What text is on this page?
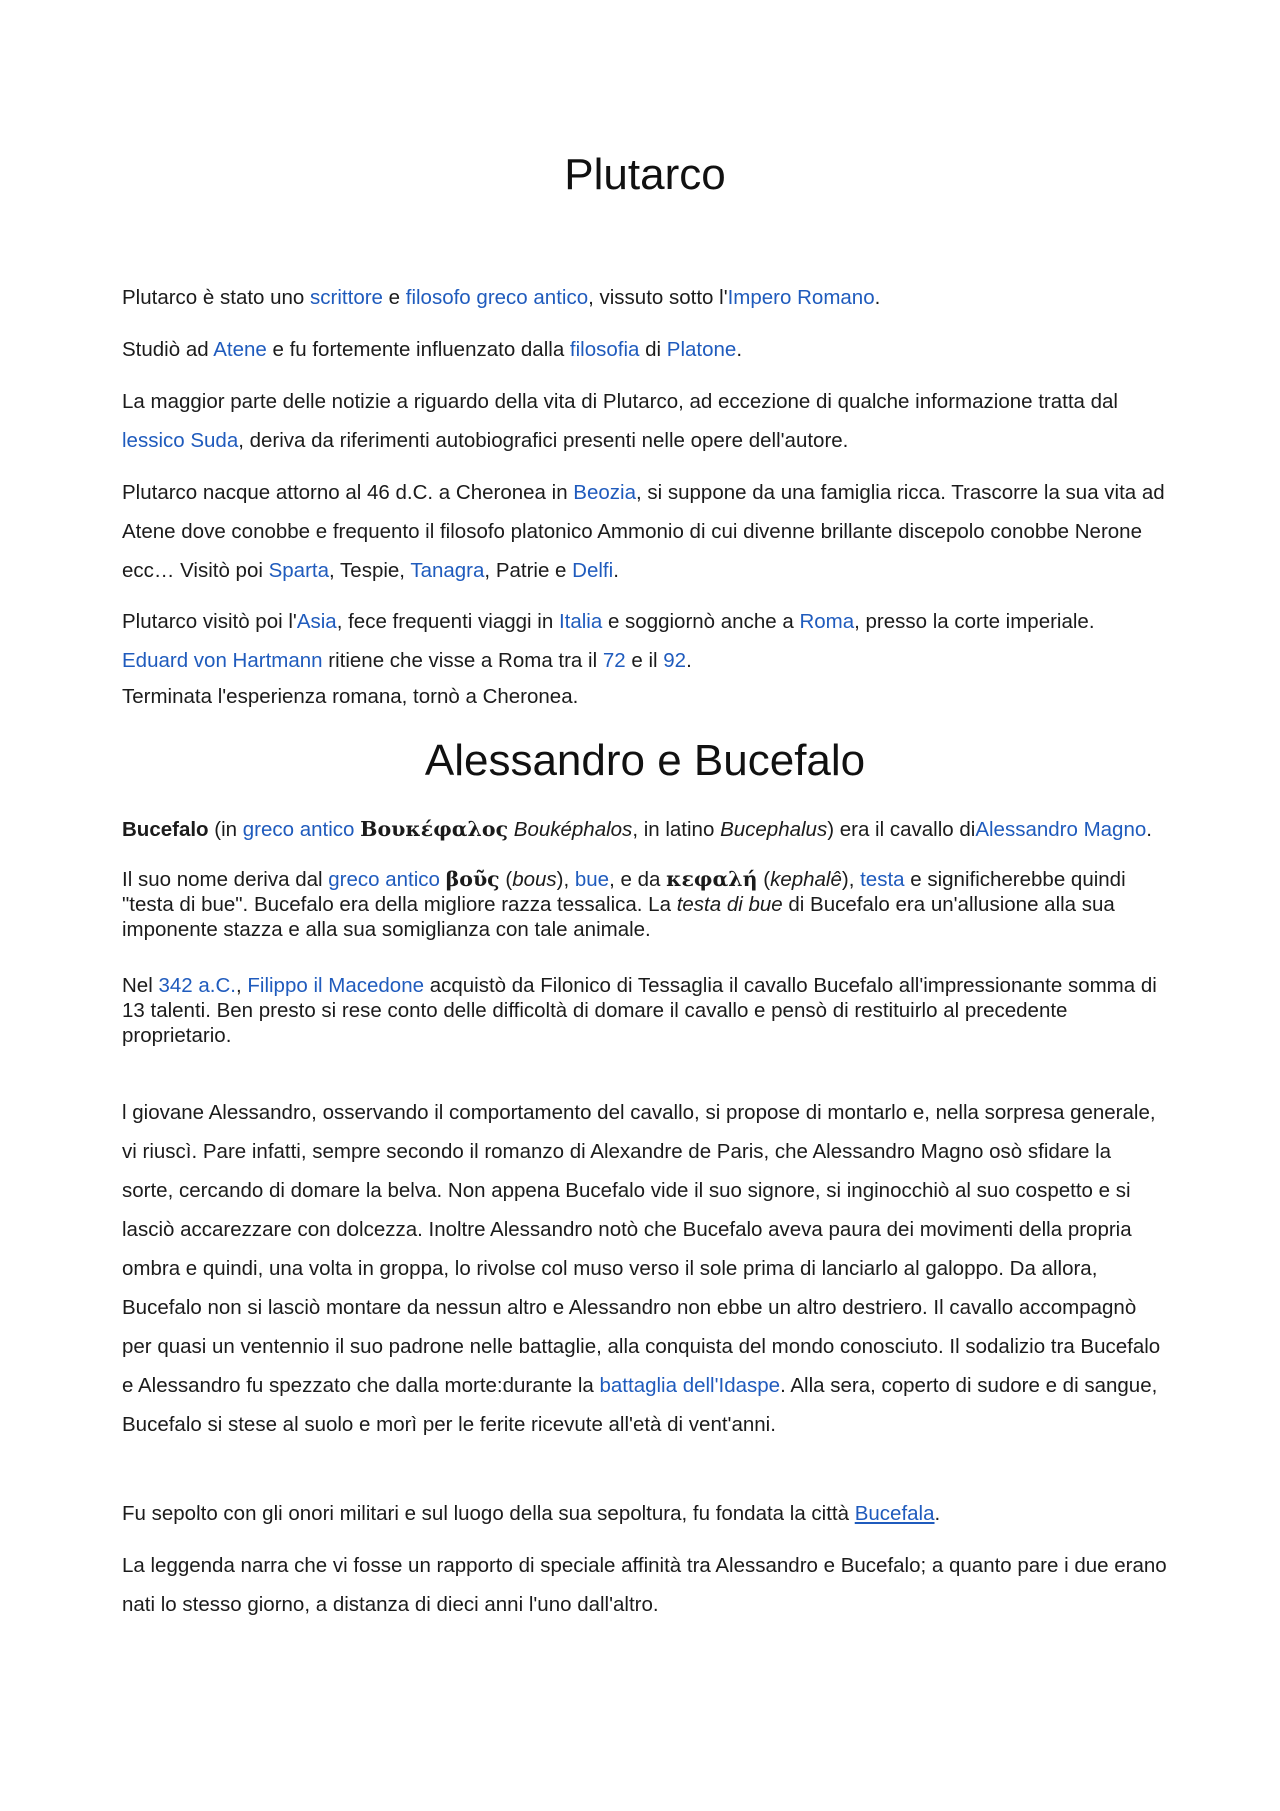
Plutarco

Plutarco è stato uno scrittore e filosofo greco antico, vissuto sotto l'Impero Romano.

Studiò ad Atene e fu fortemente influenzato dalla filosofia di Platone.

La maggior parte delle notizie a riguardo della vita di Plutarco, ad eccezione di qualche informazione tratta dal lessico Suda, deriva da riferimenti autobiografici presenti nelle opere dell'autore.

Plutarco nacque attorno al 46 d.C. a Cheronea in Beozia, si suppone da una famiglia ricca. Trascorre la sua vita ad Atene dove conobbe e frequento il filosofo platonico Ammonio di cui divenne brillante discepolo conobbe Nerone ecc… Visitò poi Sparta, Tespie, Tanagra, Patrie e Delfi.

Plutarco visitò poi l'Asia, fece frequenti viaggi in Italia e soggiornò anche a Roma, presso la corte imperiale.

Eduard von Hartmann ritiene che visse a Roma tra il 72 e il 92.

Terminata l'esperienza romana, tornò a Cheronea.

Alessandro e Bucefalo

Bucefalo (in greco antico Βουκέφαλος Bouképhalos, in latino Bucephalus) era il cavallo diAlessandro Magno.

Il suo nome deriva dal greco antico βοῦς (bous), bue, e da κεφαλή (kephalê), testa e significherebbe quindi "testa di bue". Bucefalo era della migliore razza tessalica. La testa di bue di Bucefalo era un'allusione alla sua imponente stazza e alla sua somiglianza con tale animale.

Nel 342 a.C., Filippo il Macedone acquistò da Filonico di Tessaglia il cavallo Bucefalo all'impressionante somma di 13 talenti. Ben presto si rese conto delle difficoltà di domare il cavallo e pensò di restituirlo al precedente proprietario.

l giovane Alessandro, osservando il comportamento del cavallo, si propose di montarlo e, nella sorpresa generale, vi riuscì. Pare infatti, sempre secondo il romanzo di Alexandre de Paris, che Alessandro Magno osò sfidare la sorte, cercando di domare la belva. Non appena Bucefalo vide il suo signore, si inginocchiò al suo cospetto e si lasciò accarezzare con dolcezza. Inoltre Alessandro notò che Bucefalo aveva paura dei movimenti della propria ombra e quindi, una volta in groppa, lo rivolse col muso verso il sole prima di lanciarlo al galoppo. Da allora, Bucefalo non si lasciò montare da nessun altro e Alessandro non ebbe un altro destriero. Il cavallo accompagnò per quasi un ventennio il suo padrone nelle battaglie, alla conquista del mondo conosciuto. Il sodalizio tra Bucefalo e Alessandro fu spezzato che dalla morte:durante la battaglia dell'Idaspe. Alla sera, coperto di sudore e di sangue, Bucefalo si stese al suolo e morì per le ferite ricevute all'età di vent'anni.

Fu sepolto con gli onori militari e sul luogo della sua sepoltura, fu fondata la città Bucefala.

La leggenda narra che vi fosse un rapporto di speciale affinità tra Alessandro e Bucefalo; a quanto pare i due erano nati lo stesso giorno, a distanza di dieci anni l'uno dall'altro.
